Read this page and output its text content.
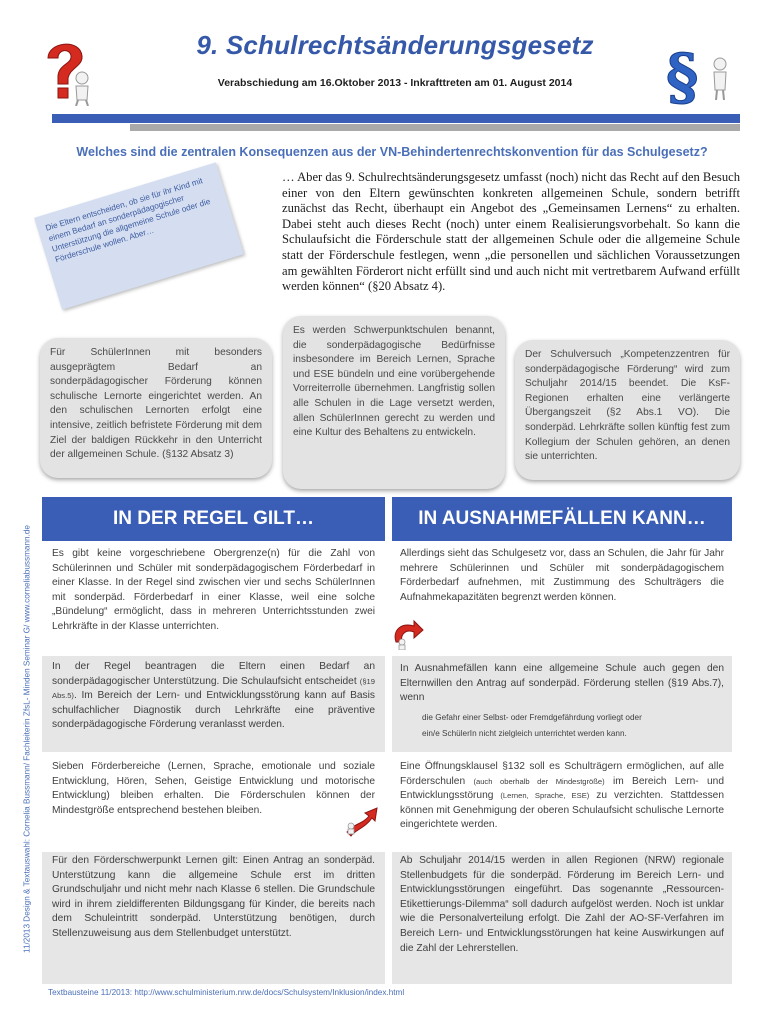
9. Schulrechtsänderungsgesetz
Verabschiedung am 16.Oktober 2013 - Inkrafttreten am 01. August 2014	§
Welches sind die zentralen Konsequenzen aus der VN-Behindertenrechtskonvention für das Schulgesetz?
… Aber das 9. Schulrechtsänderungsgesetz umfasst (noch) nicht das Recht auf den Besuch einer von den Eltern gewünschten konkreten allgemeinen Schule, sondern betrifft zunächst das Recht, überhaupt ein Angebot des „Gemeinsamen Lernens“ zu erhalten. Dabei steht auch dieses Recht (noch) unter einem Realisierungsvorbehalt. So kann die Schulaufsicht die Förderschule statt der allgemeinen Schule oder die allgemeine Schule statt der Förderschule festlegen, wenn „die personellen und sächlichen Voraussetzungen am gewählten Förderort nicht erfüllt sind und auch nicht mit vertretbarem Aufwand erfüllt werden können“ (§20 Absatz 4).
Die Eltern entscheiden, ob sie für ihr Kind mit einem Bedarf an sonderpädagogischer Unterstützung die allgemeine Schule oder die Förderschule wollen. Aber…
Für SchülerInnen mit besonders ausgeprägtem Bedarf an sonderpädagogischer Förderung können schulische Lernorte eingerichtet werden. An den schulischen Lernorten erfolgt eine intensive, zeitlich befristete Förderung mit dem Ziel der baldigen Rückkehr in den Unterricht der allgemeinen Schule. (§132 Absatz 3)
Es werden Schwerpunktschulen benannt, die sonderpädagogische Bedürfnisse insbesondere im Bereich Lernen, Sprache und ESE bündeln und eine vorübergehende Vorreiterrolle übernehmen. Langfristig sollen alle Schulen in die Lage versetzt werden, allen SchülerInnen gerecht zu werden und eine Kultur des Behaltens zu entwickeln.
Der Schulversuch „Kompetenzzentren für sonderpädagogische Förderung“ wird zum Schuljahr 2014/15 beendet. Die KsF- Regionen erhalten eine verlängerte Übergangszeit (§2 Abs.1 VO). Die sonderpäd. Lehrkräfte sollen künftig fest zum Kollegium der Schulen gehören, an denen sie unterrichten.
11/2013 Design & Textauswahl: Cornelia Bussmann/ Fachleiterin ZfsL- Minden Seminar G/ www.corneliabussmann.de
IN DER REGEL GILT…	IN AUSNAHMEFÄLLEN KANN…
Es gibt keine vorgeschriebene Obergrenze(n) für die Zahl von Schülerinnen und Schüler mit sonderpädagogischem Förderbedarf in einer Klasse. In der Regel sind zwischen vier und sechs SchülerInnen mit sonderpäd. Förderbedarf in einer Klasse, weil eine solche „Bündelung“ ermöglicht, dass in mehreren Unterrichtsstunden zwei Lehrkräfte in der Klasse unterrichten.
Allerdings sieht das Schulgesetz vor, dass an Schulen, die Jahr für Jahr mehrere Schülerinnen und Schüler mit sonderpädagogischem Förderbedarf aufnehmen, mit Zustimmung des Schulträgers die Aufnahmekapazitäten begrenzt werden können.
In der Regel beantragen die Eltern einen Bedarf an sonderpädagogischer Unterstützung. Die Schulaufsicht entscheidet (§19 Abs.5). Im Bereich der Lern- und Entwicklungsstörung kann auf Basis schulfachlicher Diagnostik durch Lehrkräfte eine präventive sonderpädagogische Förderung veranlasst werden.
In Ausnahmefällen kann eine allgemeine Schule auch gegen den Elternwillen den Antrag auf sonderpäd. Förderung stellen (§19 Abs.7), wenn
die Gefahr einer Selbst- oder Fremdgefährdung vorliegt oder
ein/e SchülerIn nicht zielgleich unterrichtet werden kann.
Sieben Förderbereiche (Lernen, Sprache, emotionale und soziale Entwicklung, Hören, Sehen, Geistige Entwicklung und motorische Entwicklung) bleiben erhalten. Die Förderschulen können der Mindestgröße entsprechend bestehen bleiben.
Eine Öffnungsklausel §132 soll es Schulträgern ermöglichen, auf alle Förderschulen (auch oberhalb der Mindestgröße) im Bereich Lern- und Entwicklungsstörung (Lernen, Sprache, ESE) zu verzichten. Stattdessen können mit Genehmigung der oberen Schulaufsicht schulische Lernorte eingerichtete werden.
Für den Förderschwerpunkt Lernen gilt: Einen Antrag an sonderpäd. Unterstützung kann die allgemeine Schule erst im dritten Grundschuljahr und nicht mehr nach Klasse 6 stellen. Die Grundschule wird in ihrem zieldifferenten Bildungsgang für Kinder, die bereits nach dem Schuleintritt sonderpäd. Unterstützung benötigen, durch Stellenzuweisung aus dem Stellenbudget unterstützt.
Ab Schuljahr 2014/15 werden in allen Regionen (NRW) regionale Stellenbudgets für die sonderpäd. Förderung im Bereich Lern- und Entwicklungsstörungen eingeführt. Das sogenannte „Ressourcen- Etikettierungs-Dilemma“ soll dadurch aufgelöst werden. Noch ist unklar wie die Personalverteilung erfolgt. Die Zahl der AO-SF-Verfahren im Bereich Lern- und Entwicklungsstörungen hat keine Auswirkungen auf die Zahl der Lehrerstellen.
Textbausteine 11/2013: http://www.schulministerium.nrw.de/docs/Schulsystem/Inklusion/index.html
